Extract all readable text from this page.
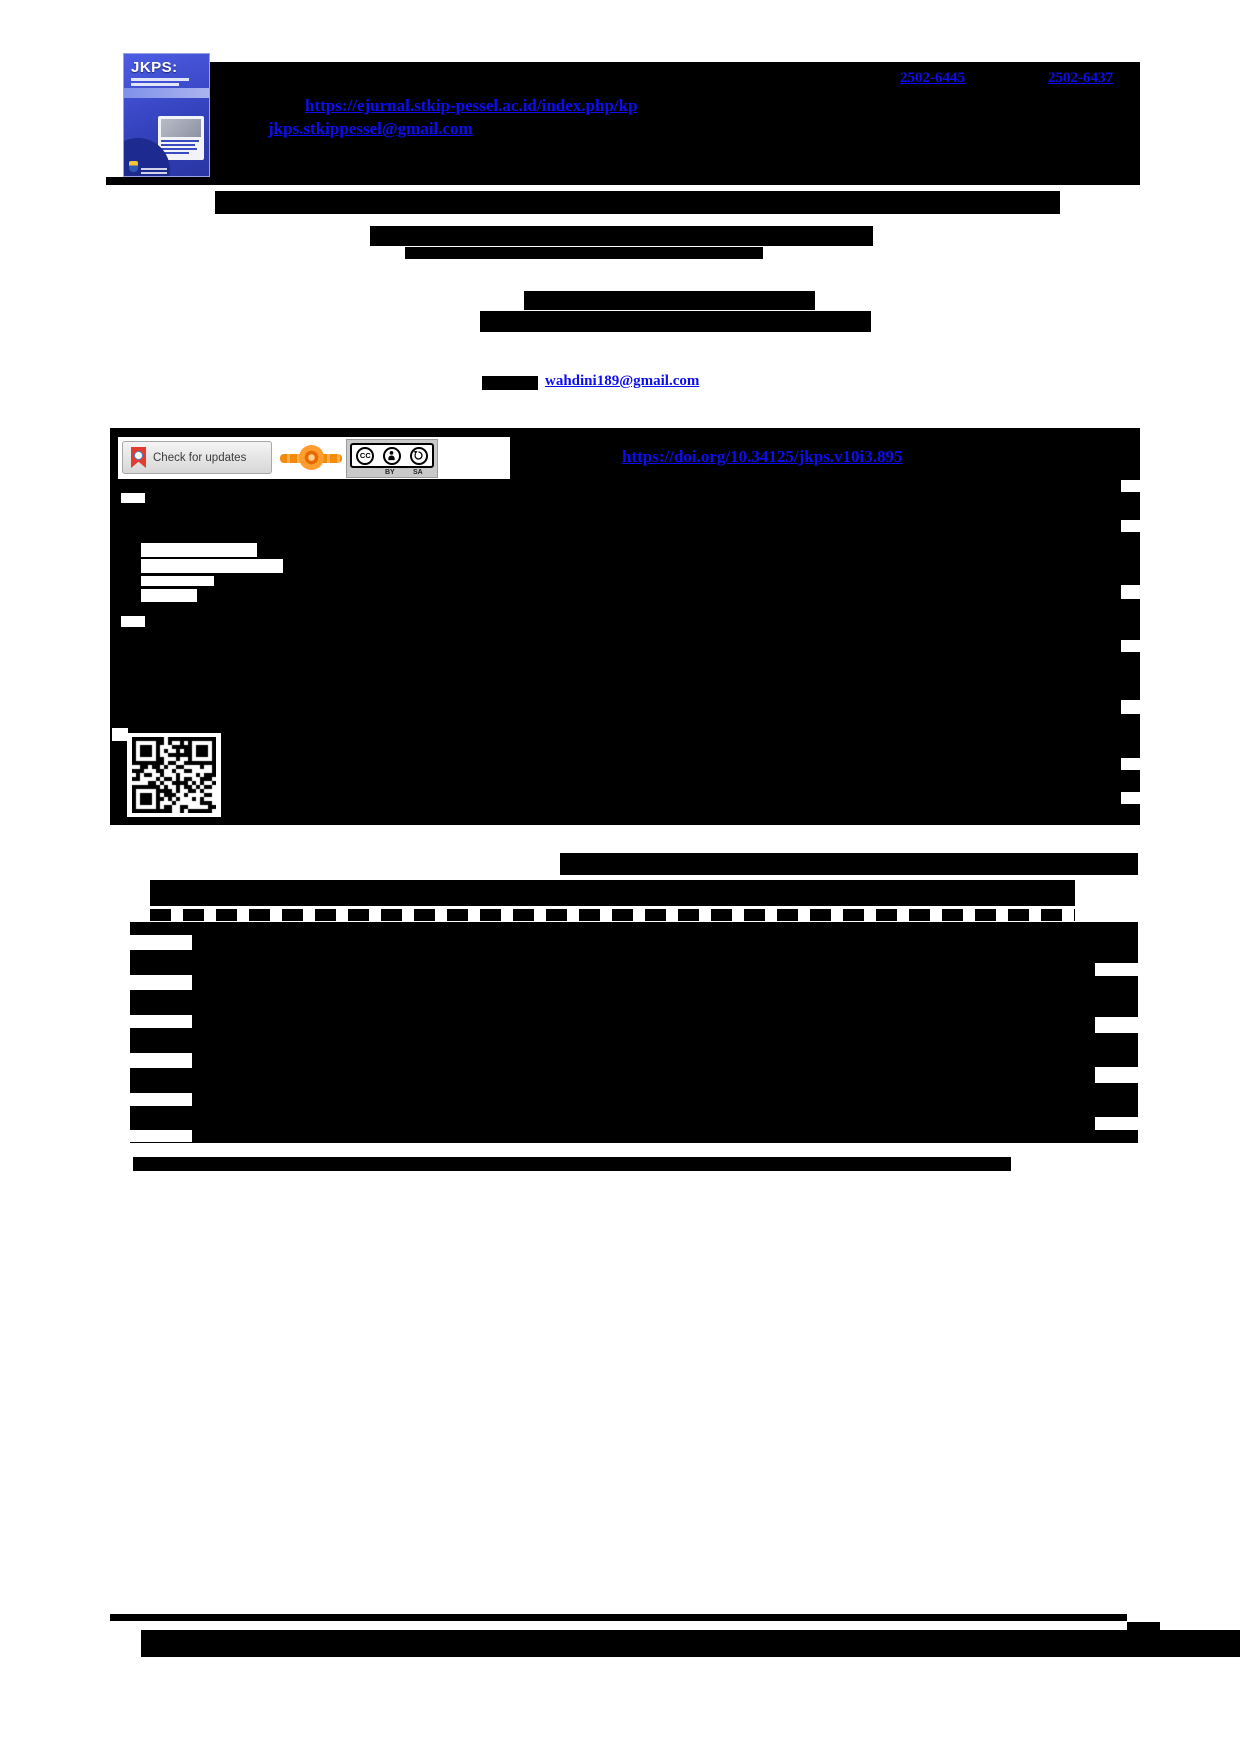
JKPS:
2502-6445	2502-6437
https://ejurnal.stkip-pessel.ac.id/index.php/kp
jkps.stkippessel@gmail.com
wahdini189@gmail.com
Check for updates	CC
BY	SA
https://doi.org/10.34125/jkps.v10i3.895
